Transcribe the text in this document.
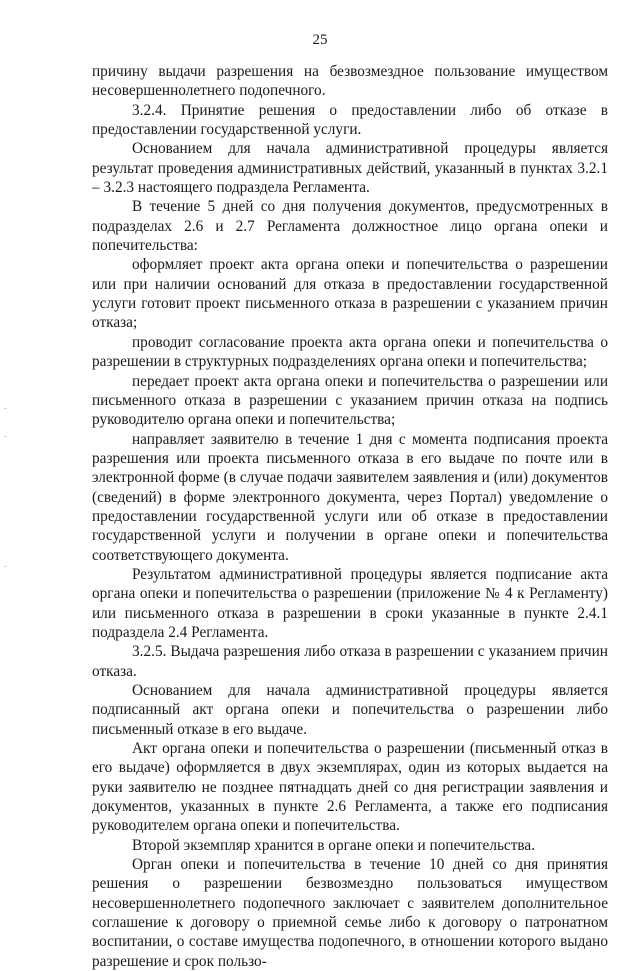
25

причину выдачи разрешения на безвозмездное пользование имуществом несовершеннолетнего подопечного.

3.2.4. Принятие решения о предоставлении либо об отказе в предоставлении государственной услуги.

Основанием для начала административной процедуры является результат проведения административных действий, указанный в пунктах 3.2.1 – 3.2.3 настоящего подраздела Регламента.

В течение 5 дней со дня получения документов, предусмотренных в подразделах 2.6 и 2.7 Регламента должностное лицо органа опеки и попечительства:

оформляет проект акта органа опеки и попечительства о разрешении или при наличии оснований для отказа в предоставлении государственной услуги готовит проект письменного отказа в разрешении с указанием причин отказа;

проводит согласование проекта акта органа опеки и попечительства о разрешении в структурных подразделениях органа опеки и попечительства;

передает проект акта органа опеки и попечительства о разрешении или письменного отказа в разрешении с указанием причин отказа на подпись руководителю органа опеки и попечительства;

направляет заявителю в течение 1 дня с момента подписания проекта разрешения или проекта письменного отказа в его выдаче по почте или в электронной форме (в случае подачи заявителем заявления и (или) документов (сведений) в форме электронного документа, через Портал) уведомление о предоставлении государственной услуги или об отказе в предоставлении государственной услуги и получении в органе опеки и попечительства соответствующего документа.

Результатом административной процедуры является подписание акта органа опеки и попечительства о разрешении (приложение № 4 к Регламенту) или письменного отказа в разрешении в сроки указанные в пункте 2.4.1 подраздела 2.4 Регламента.

3.2.5. Выдача разрешения либо отказа в разрешении с указанием причин отказа.

Основанием для начала административной процедуры является подписанный акт органа опеки и попечительства о разрешении либо письменный отказе в его выдаче.

Акт органа опеки и попечительства о разрешении (письменный отказ в его выдаче) оформляется в двух экземплярах, один из которых выдается на руки заявителю не позднее пятнадцать дней со дня регистрации заявления и документов, указанных в пункте 2.6 Регламента, а также его подписания руководителем органа опеки и попечительства.

Второй экземпляр хранится в органе опеки и попечительства.

Орган опеки и попечительства в течение 10 дней со дня принятия решения о разрешении безвозмездно пользоваться имуществом несовершеннолетнего подопечного заключает с заявителем дополнительное соглашение к договору о приемной семье либо к договору о патронатном воспитании, о составе имущества подопечного, в отношении которого выдано разрешение и срок пользо-
